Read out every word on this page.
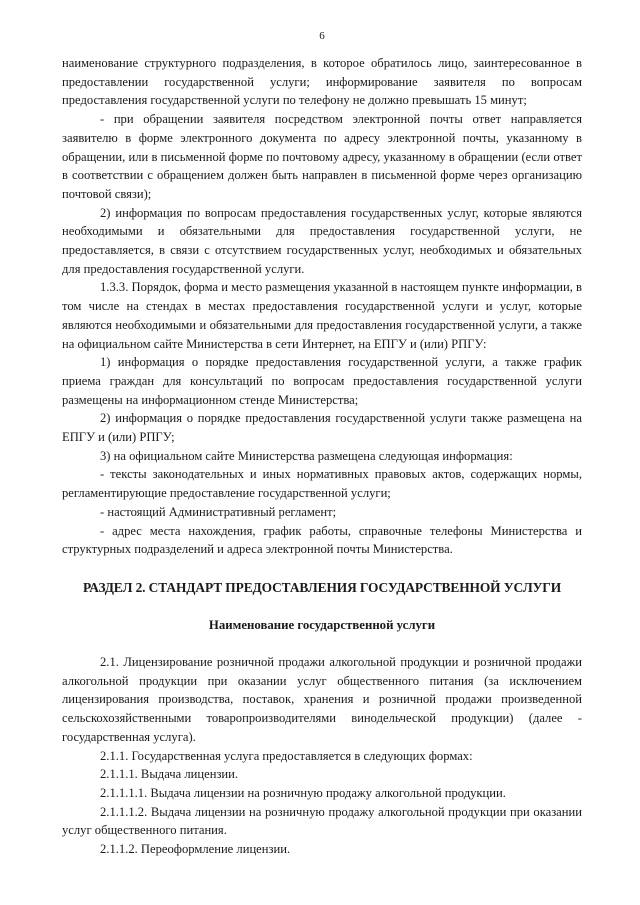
6

наименование структурного подразделения, в которое обратилось лицо, заинтересованное в предоставлении государственной услуги; информирование заявителя по вопросам предоставления государственной услуги по телефону не должно превышать 15 минут;

- при обращении заявителя посредством электронной почты ответ направляется заявителю в форме электронного документа по адресу электронной почты, указанному в обращении, или в письменной форме по почтовому адресу, указанному в обращении (если ответ в соответствии с обращением должен быть направлен в письменной форме через организацию почтовой связи);

2) информация по вопросам предоставления государственных услуг, которые являются необходимыми и обязательными для предоставления государственной услуги, не предоставляется, в связи с отсутствием государственных услуг, необходимых и обязательных для предоставления государственной услуги.

1.3.3. Порядок, форма и место размещения указанной в настоящем пункте информации, в том числе на стендах в местах предоставления государственной услуги и услуг, которые являются необходимыми и обязательными для предоставления государственной услуги, а также на официальном сайте Министерства в сети Интернет, на ЕПГУ и (или) РПГУ:

1) информация о порядке предоставления государственной услуги, а также график приема граждан для консультаций по вопросам предоставления государственной услуги размещены на информационном стенде Министерства;

2) информация о порядке предоставления государственной услуги также размещена на ЕПГУ и (или) РПГУ;

3) на официальном сайте Министерства размещена следующая информация:

- тексты законодательных и иных нормативных правовых актов, содержащих нормы, регламентирующие предоставление государственной услуги;

- настоящий Административный регламент;

- адрес места нахождения, график работы, справочные телефоны Министерства и структурных подразделений и адреса электронной почты Министерства.

РАЗДЕЛ 2. СТАНДАРТ ПРЕДОСТАВЛЕНИЯ ГОСУДАРСТВЕННОЙ УСЛУГИ
Наименование государственной услуги

2.1. Лицензирование розничной продажи алкогольной продукции и розничной продажи алкогольной продукции при оказании услуг общественного питания (за исключением лицензирования производства, поставок, хранения и розничной продажи произведенной сельскохозяйственными товаропроизводителями винодельческой продукции) (далее - государственная услуга).

2.1.1. Государственная услуга предоставляется в следующих формах:

2.1.1.1. Выдача лицензии.

2.1.1.1.1. Выдача лицензии на розничную продажу алкогольной продукции.

2.1.1.1.2. Выдача лицензии на розничную продажу алкогольной продукции при оказании услуг общественного питания.

2.1.1.2. Переоформление лицензии.
